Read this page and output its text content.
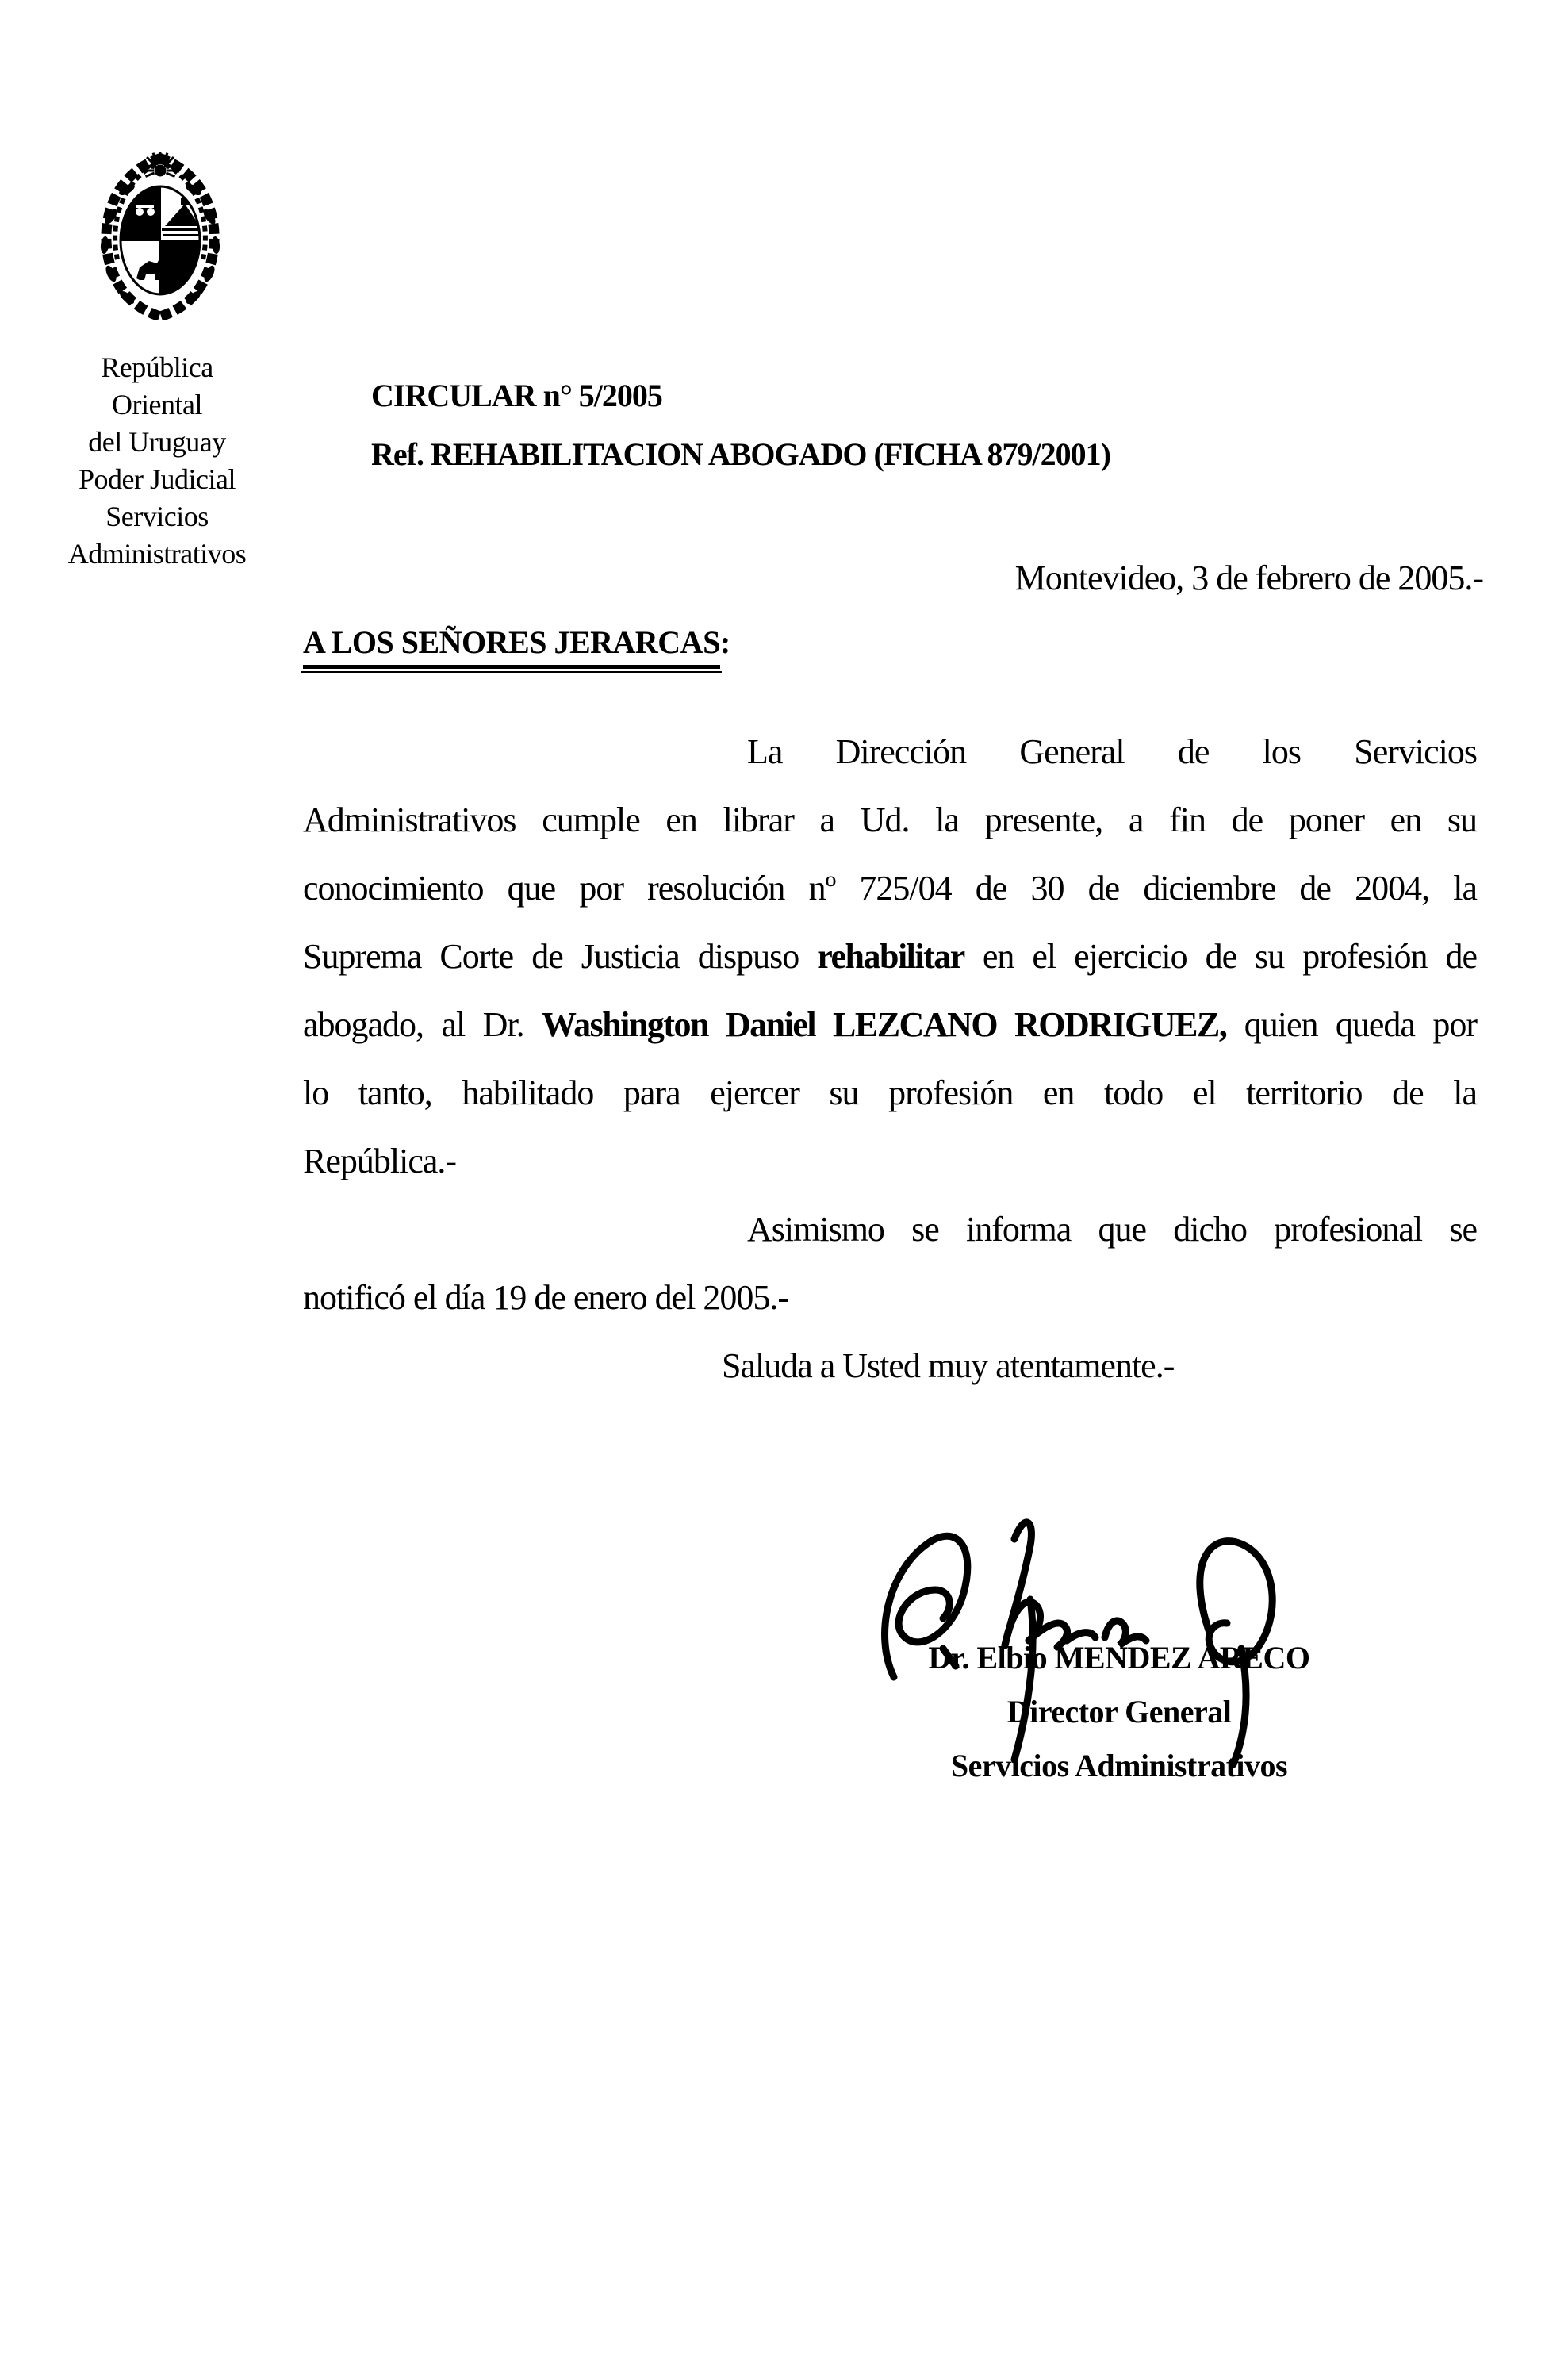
República
Oriental
del Uruguay
Poder Judicial
Servicios
Administrativos
CIRCULAR n° 5/2005
Ref. REHABILITACION ABOGADO (FICHA 879/2001)
Montevideo, 3 de febrero de 2005.-
A LOS SEÑORES JERARCAS:
La Dirección General de los Servicios
Administrativos cumple en librar a Ud. la presente, a fin de poner en su
conocimiento que por resolución nº 725/04 de 30 de diciembre de 2004, la
Suprema Corte de Justicia dispuso rehabilitar en el ejercicio de su profesión de
abogado, al Dr. Washington Daniel LEZCANO RODRIGUEZ, quien queda por
lo tanto, habilitado para ejercer su profesión en todo el territorio de la
República.-
Asimismo se informa que dicho profesional se
notificó el día 19 de enero del 2005.-
Saluda a Usted muy atentamente.-
Dr. Elbio MENDEZ ARECO
Director General
Servicios Administrativos
